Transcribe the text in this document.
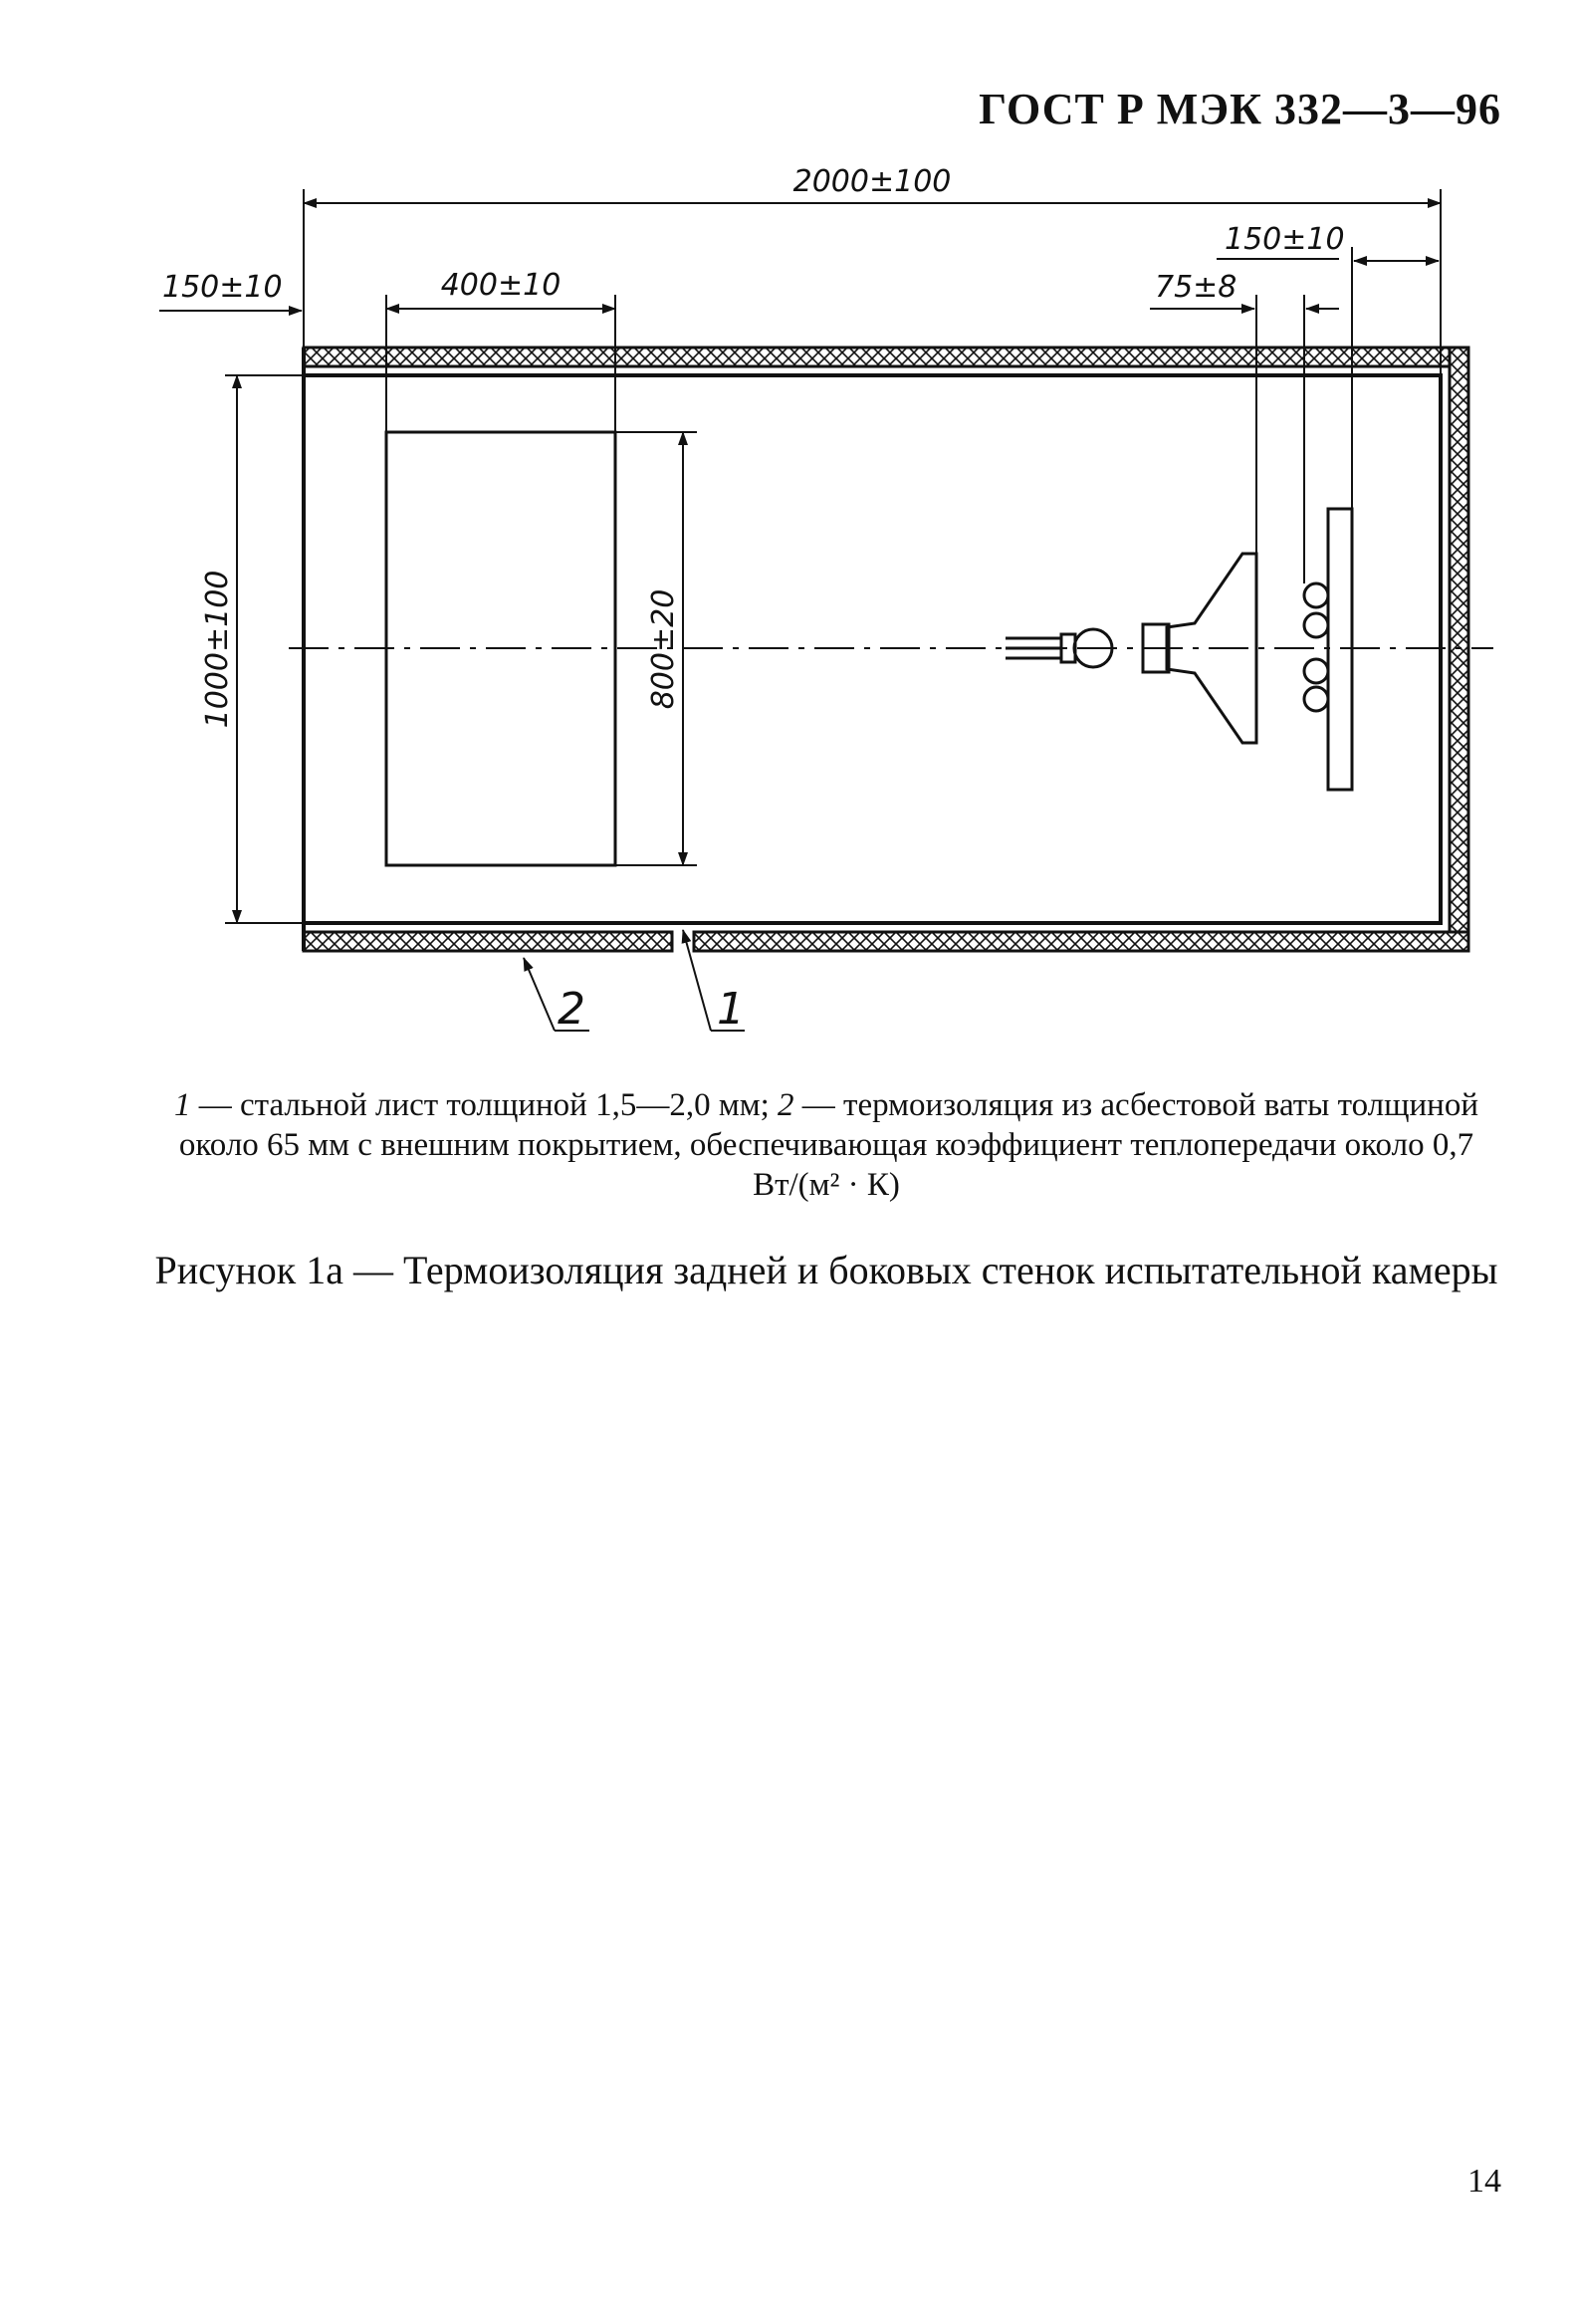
ГОСТ Р МЭК 332—3—96
2000±100
150±10	400±10
150±10
75±8
1000±100	800±20
2	1
1 — стальной лист толщиной 1,5—2,0 мм; 2 — термоизоляция из асбестовой ваты толщиной около 65 мм с внешним покрытием, обеспечивающая коэффициент теплопередачи около 0,7 Вт/(м² · К)
Рисунок 1а — Термоизоляция задней и боковых стенок испытательной камеры
14
